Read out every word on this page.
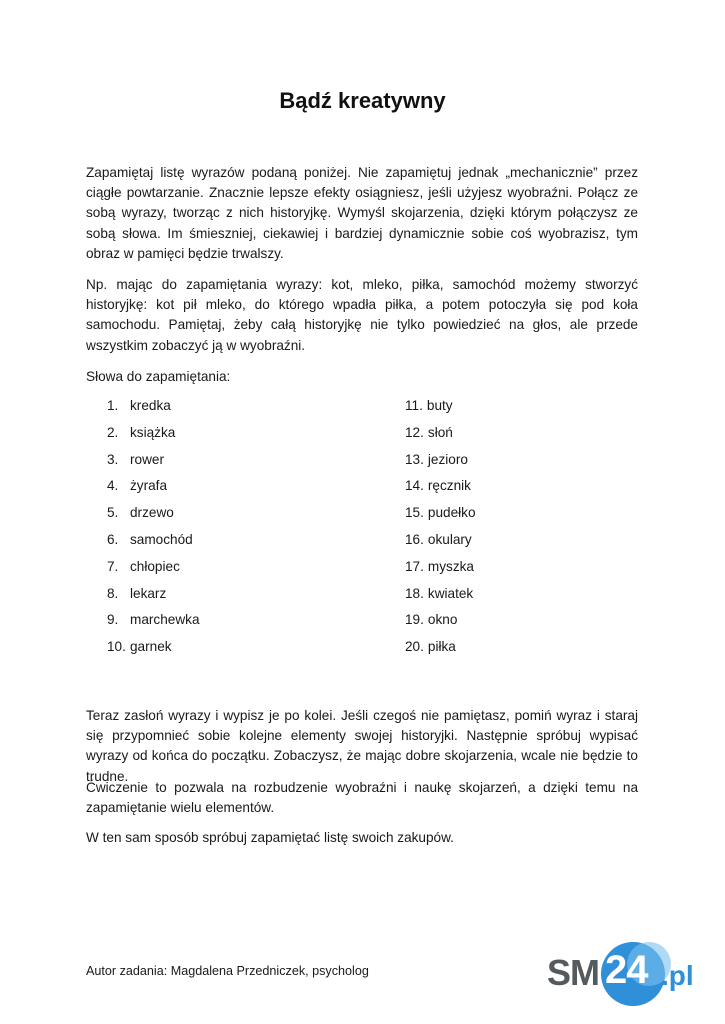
Bądź kreatywny

Zapamiętaj listę wyrazów podaną poniżej. Nie zapamiętuj jednak „mechanicznie” przez ciągłe powtarzanie. Znacznie lepsze efekty osiągniesz, jeśli użyjesz wyobraźni. Połącz ze sobą wyrazy, tworząc z nich historyjkę. Wymyśl skojarzenia, dzięki którym połączysz ze sobą słowa. Im śmieszniej, ciekawiej i bardziej dynamicznie sobie coś wyobrazisz, tym obraz w pamięci będzie trwalszy.

Np. mając do zapamiętania wyrazy: kot, mleko, piłka, samochód możemy stworzyć historyjkę: kot pił mleko, do którego wpadła piłka, a potem potoczyła się pod koła samochodu. Pamiętaj, żeby całą historyjkę nie tylko powiedzieć na głos, ale przede wszystkim zobaczyć ją w wyobraźni.

Słowa do zapamiętania:

1. kredka
2. książka
3. rower
4. żyrafa
5. drzewo
6. samochód
7. chłopiec
8. lekarz
9. marchewka
10. garnek
11. buty
12. słoń
13. jezioro
14. ręcznik
15. pudełko
16. okulary
17. myszka
18. kwiatek
19. okno
20. piłka

Teraz zasłoń wyrazy i wypisz je po kolei. Jeśli czegoś nie pamiętasz, pomiń wyraz i staraj się przypomnieć sobie kolejne elementy swojej historyjki. Następnie spróbuj wypisać wyrazy od końca do początku. Zobaczysz, że mając dobre skojarzenia, wcale nie będzie to trudne.

Ćwiczenie to pozwala na rozbudzenie wyobraźni i naukę skojarzeń, a dzięki temu na zapamiętanie wielu elementów.

W ten sam sposób spróbuj zapamiętać listę swoich zakupów.

Autor zadania: Magdalena Przedniczek, psycholog	SM 24 .pl
